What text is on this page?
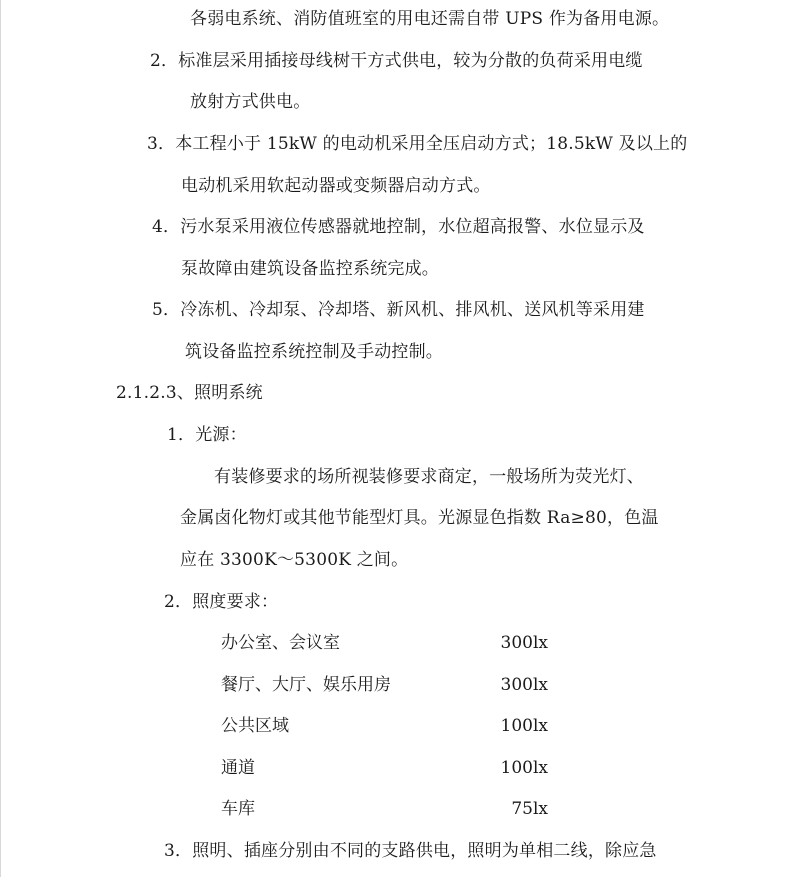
各弱电系统、消防值班室的用电还需自带 UPS 作为备用电源。
2．标准层采用插接母线树干方式供电，较为分散的负荷采用电缆
放射方式供电。
3．本工程小于 15kW 的电动机采用全压启动方式；18.5kW 及以上的
电动机采用软起动器或变频器启动方式。
4．污水泵采用液位传感器就地控制，水位超高报警、水位显示及
泵故障由建筑设备监控系统完成。
5．冷冻机、冷却泵、冷却塔、新风机、排风机、送风机等采用建
筑设备监控系统控制及手动控制。
2.1.2.3、照明系统
1．光源：
有装修要求的场所视装修要求商定，一般场所为荧光灯、
金属卤化物灯或其他节能型灯具。光源显色指数 Ra≥80，色温
应在 3300K～5300K 之间。
2．照度要求：
办公室、会议室	300lx
餐厅、大厅、娱乐用房	300lx
公共区域	100lx
通道	100lx
车库	75lx
3．照明、插座分别由不同的支路供电，照明为单相二线，除应急
